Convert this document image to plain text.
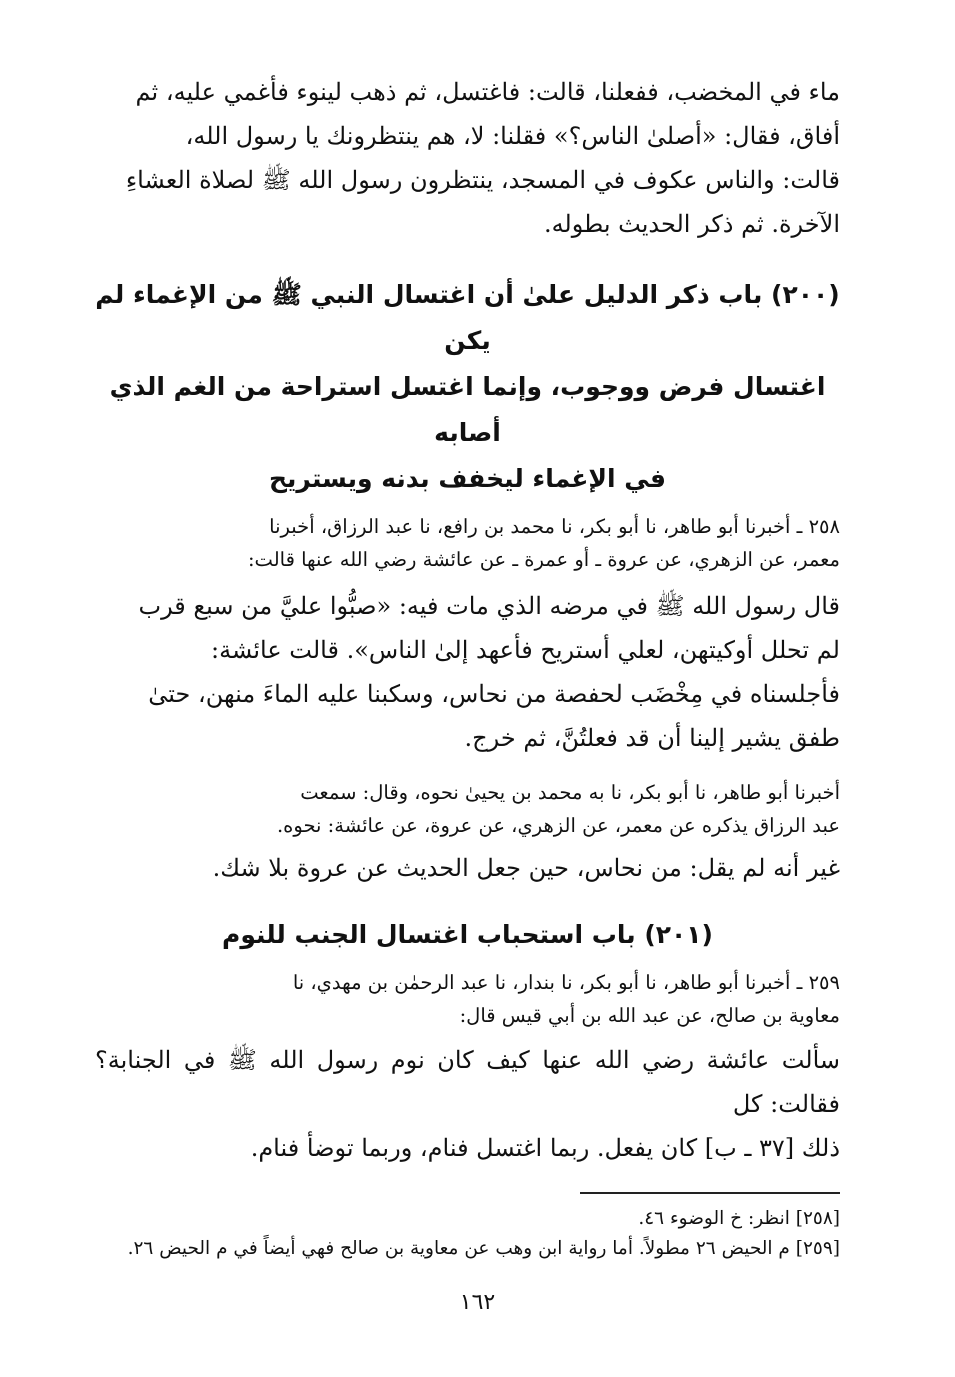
ماء في المخضب، ففعلنا، قالت: فاغتسل، ثم ذهب لينوء فأغمي عليه، ثم

أفاق، فقال: «أصلىٰ الناس؟» فقلنا: لا، هم ينتظرونك يا رسول الله،

قالت: والناس عكوف في المسجد، ينتظرون رسول الله ﷺ لصلاة العشاءِ

الآخرة. ثم ذكر الحديث بطوله.

(٢٠٠) باب ذكر الدليل علىٰ أن اغتسال النبي ﷺ من الإغماء لم يكن

اغتسال فرض ووجوب، وإنما اغتسل استراحة من الغم الذي أصابه

في الإغماء ليخفف بدنه ويستريح

٢٥٨ ـ أخبرنا أبو طاهر، نا أبو بكر، نا محمد بن رافع، نا عبد الرزاق، أخبرنا

معمر، عن الزهري، عن عروة ـ أو عمرة ـ عن عائشة رضي الله عنها قالت:

قال رسول الله ﷺ في مرضه الذي مات فيه: «صبُّوا عليَّ من سبع قرب

لم تحلل أوكيتهن، لعلي أستريح فأعهد إلىٰ الناس». قالت عائشة:

فأجلسناه في مِخْضَب لحفصة من نحاس، وسكبنا عليه الماءَ منهن، حتىٰ

طفق يشير إلينا أن قد فعلتُنَّ، ثم خرج.

أخبرنا أبو طاهر، نا أبو بكر، نا به محمد بن يحيىٰ نحوه، وقال: سمعت

عبد الرزاق يذكره عن معمر، عن الزهري، عن عروة، عن عائشة: نحوه.

غير أنه لم يقل: من نحاس، حين جعل الحديث عن عروة بلا شك.

(٢٠١) باب استحباب اغتسال الجنب للنوم

٢٥٩ ـ أخبرنا أبو طاهر، نا أبو بكر، نا بندار، نا عبد الرحمٰن بن مهدي، نا

معاوية بن صالح، عن عبد الله بن أبي قيس قال:

سألت عائشة رضي الله عنها كيف كان نوم رسول الله ﷺ في الجنابة؟ فقالت: كل

ذلك [٣٧ ـ ب] كان يفعل. ربما اغتسل فنام، وربما توضأ فنام.

[٢٥٨] انظر: خ الوضوء ٤٦.

[٢٥٩] م الحيض ٢٦ مطولاً. أما رواية ابن وهب عن معاوية بن صالح فهي أيضاً في م الحيض ٢٦.

١٦٢
